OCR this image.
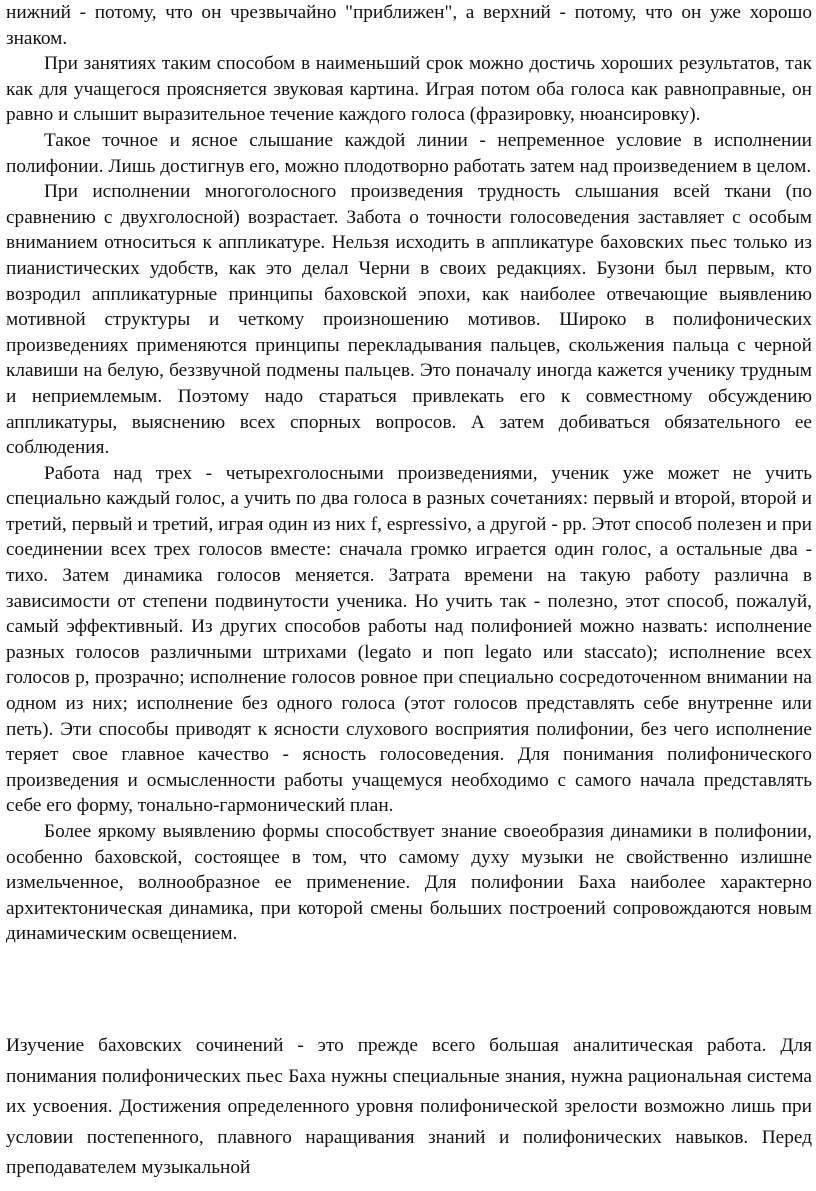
нижний - потому, что он чрезвычайно "приближен", а верхний - потому, что он уже хорошо знаком.

При занятиях таким способом в наименьший срок можно достичь хороших результатов, так как для учащегося проясняется звуковая картина. Играя потом оба голоса как равноправные, он равно и слышит выразительное течение каждого голоса (фразировку, нюансировку).

Такое точное и ясное слышание каждой линии - непременное условие в исполнении полифонии. Лишь достигнув его, можно плодотворно работать затем над произведением в целом.

При исполнении многоголосного произведения трудность слышания всей ткани (по сравнению с двухголосной) возрастает. Забота о точности голосоведения заставляет с особым вниманием относиться к аппликатуре. Нельзя исходить в аппликатуре баховских пьес только из пианистических удобств, как это делал Черни в своих редакциях. Бузони был первым, кто возродил аппликатурные принципы баховской эпохи, как наиболее отвечающие выявлению мотивной структуры и четкому произношению мотивов. Широко в полифонических произведениях применяются принципы перекладывания пальцев, скольжения пальца с черной клавиши на белую, беззвучной подмены пальцев. Это поначалу иногда кажется ученику трудным и неприемлемым. Поэтому надо стараться привлекать его к совместному обсуждению аппликатуры, выяснению всех спорных вопросов. А затем добиваться обязательного ее соблюдения.

Работа над трех - четырехголосными произведениями, ученик уже может не учить специально каждый голос, а учить по два голоса в разных сочетаниях: первый и второй, второй и третий, первый и третий, играя один из них f, espressivo, а другой - pp. Этот способ полезен и при соединении всех трех голосов вместе: сначала громко играется один голос, а остальные два - тихо. Затем динамика голосов меняется. Затрата времени на такую работу различна в зависимости от степени подвинутости ученика. Но учить так - полезно, этот способ, пожалуй, самый эффективный. Из других способов работы над полифонией можно назвать: исполнение разных голосов различными штрихами (legato и поп legato или staccato); исполнение всех голосов p, прозрачно; исполнение голосов ровное при специально сосредоточенном внимании на одном из них; исполнение без одного голоса (этот голосов представлять себе внутренне или петь). Эти способы приводят к ясности слухового восприятия полифонии, без чего исполнение теряет свое главное качество - ясность голосоведения. Для понимания полифонического произведения и осмысленности работы учащемуся необходимо с самого начала представлять себе его форму, тонально-гармонический план.

Более яркому выявлению формы способствует знание своеобразия динамики в полифонии, особенно баховской, состоящее в том, что самому духу музыки не свойственно излишне измельченное, волнообразное ее применение. Для полифонии Баха наиболее характерно архитектоническая динамика, при которой смены больших построений сопровождаются новым динамическим освещением.

Изучение баховских сочинений - это прежде всего большая аналитическая работа. Для понимания полифонических пьес Баха нужны специальные знания, нужна рациональная система их усвоения. Достижения определенного уровня полифонической зрелости возможно лишь при условии постепенного, плавного наращивания знаний и полифонических навыков. Перед преподавателем музыкальной
